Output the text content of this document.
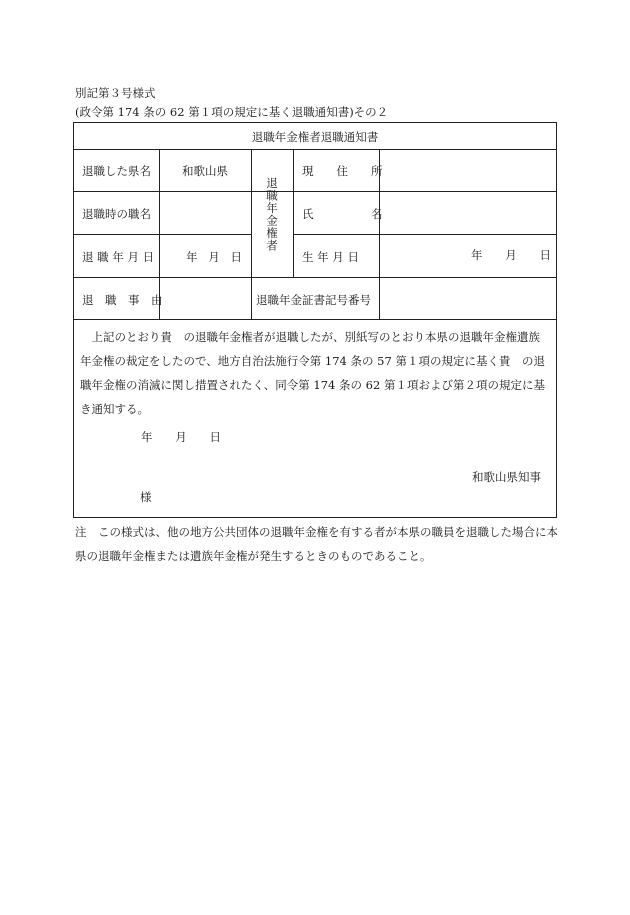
別記第３号様式
(政令第 174 条の 62 第１項の規定に基く退職通知書)その２
退職年金権者退職通知書
退職した県名
退職時の職名
退 職 年 月 日
退　職　事　由
和歌山県
年 月 日
退職年金権者
現　　住　　所
氏　　　　　名
生 年 月 日
退職年金証書記号番号
年 月 日
　上記のとおり貴　の退職年金権者が退職したが、別紙写のとおり本県の退職年金権遺族年金権の裁定をしたので、地方自治法施行令第 174 条の 57 第１項の規定に基く貴　の退職年金権の消滅に関し措置されたく、同令第 174 条の 62 第１項および第２項の規定に基き通知する。
年 月 日
和歌山県知事
様
注　この様式は、他の地方公共団体の退職年金権を有する者が本県の職員を退職した場合に本県の退職年金権または遺族年金権が発生するときのものであること。
